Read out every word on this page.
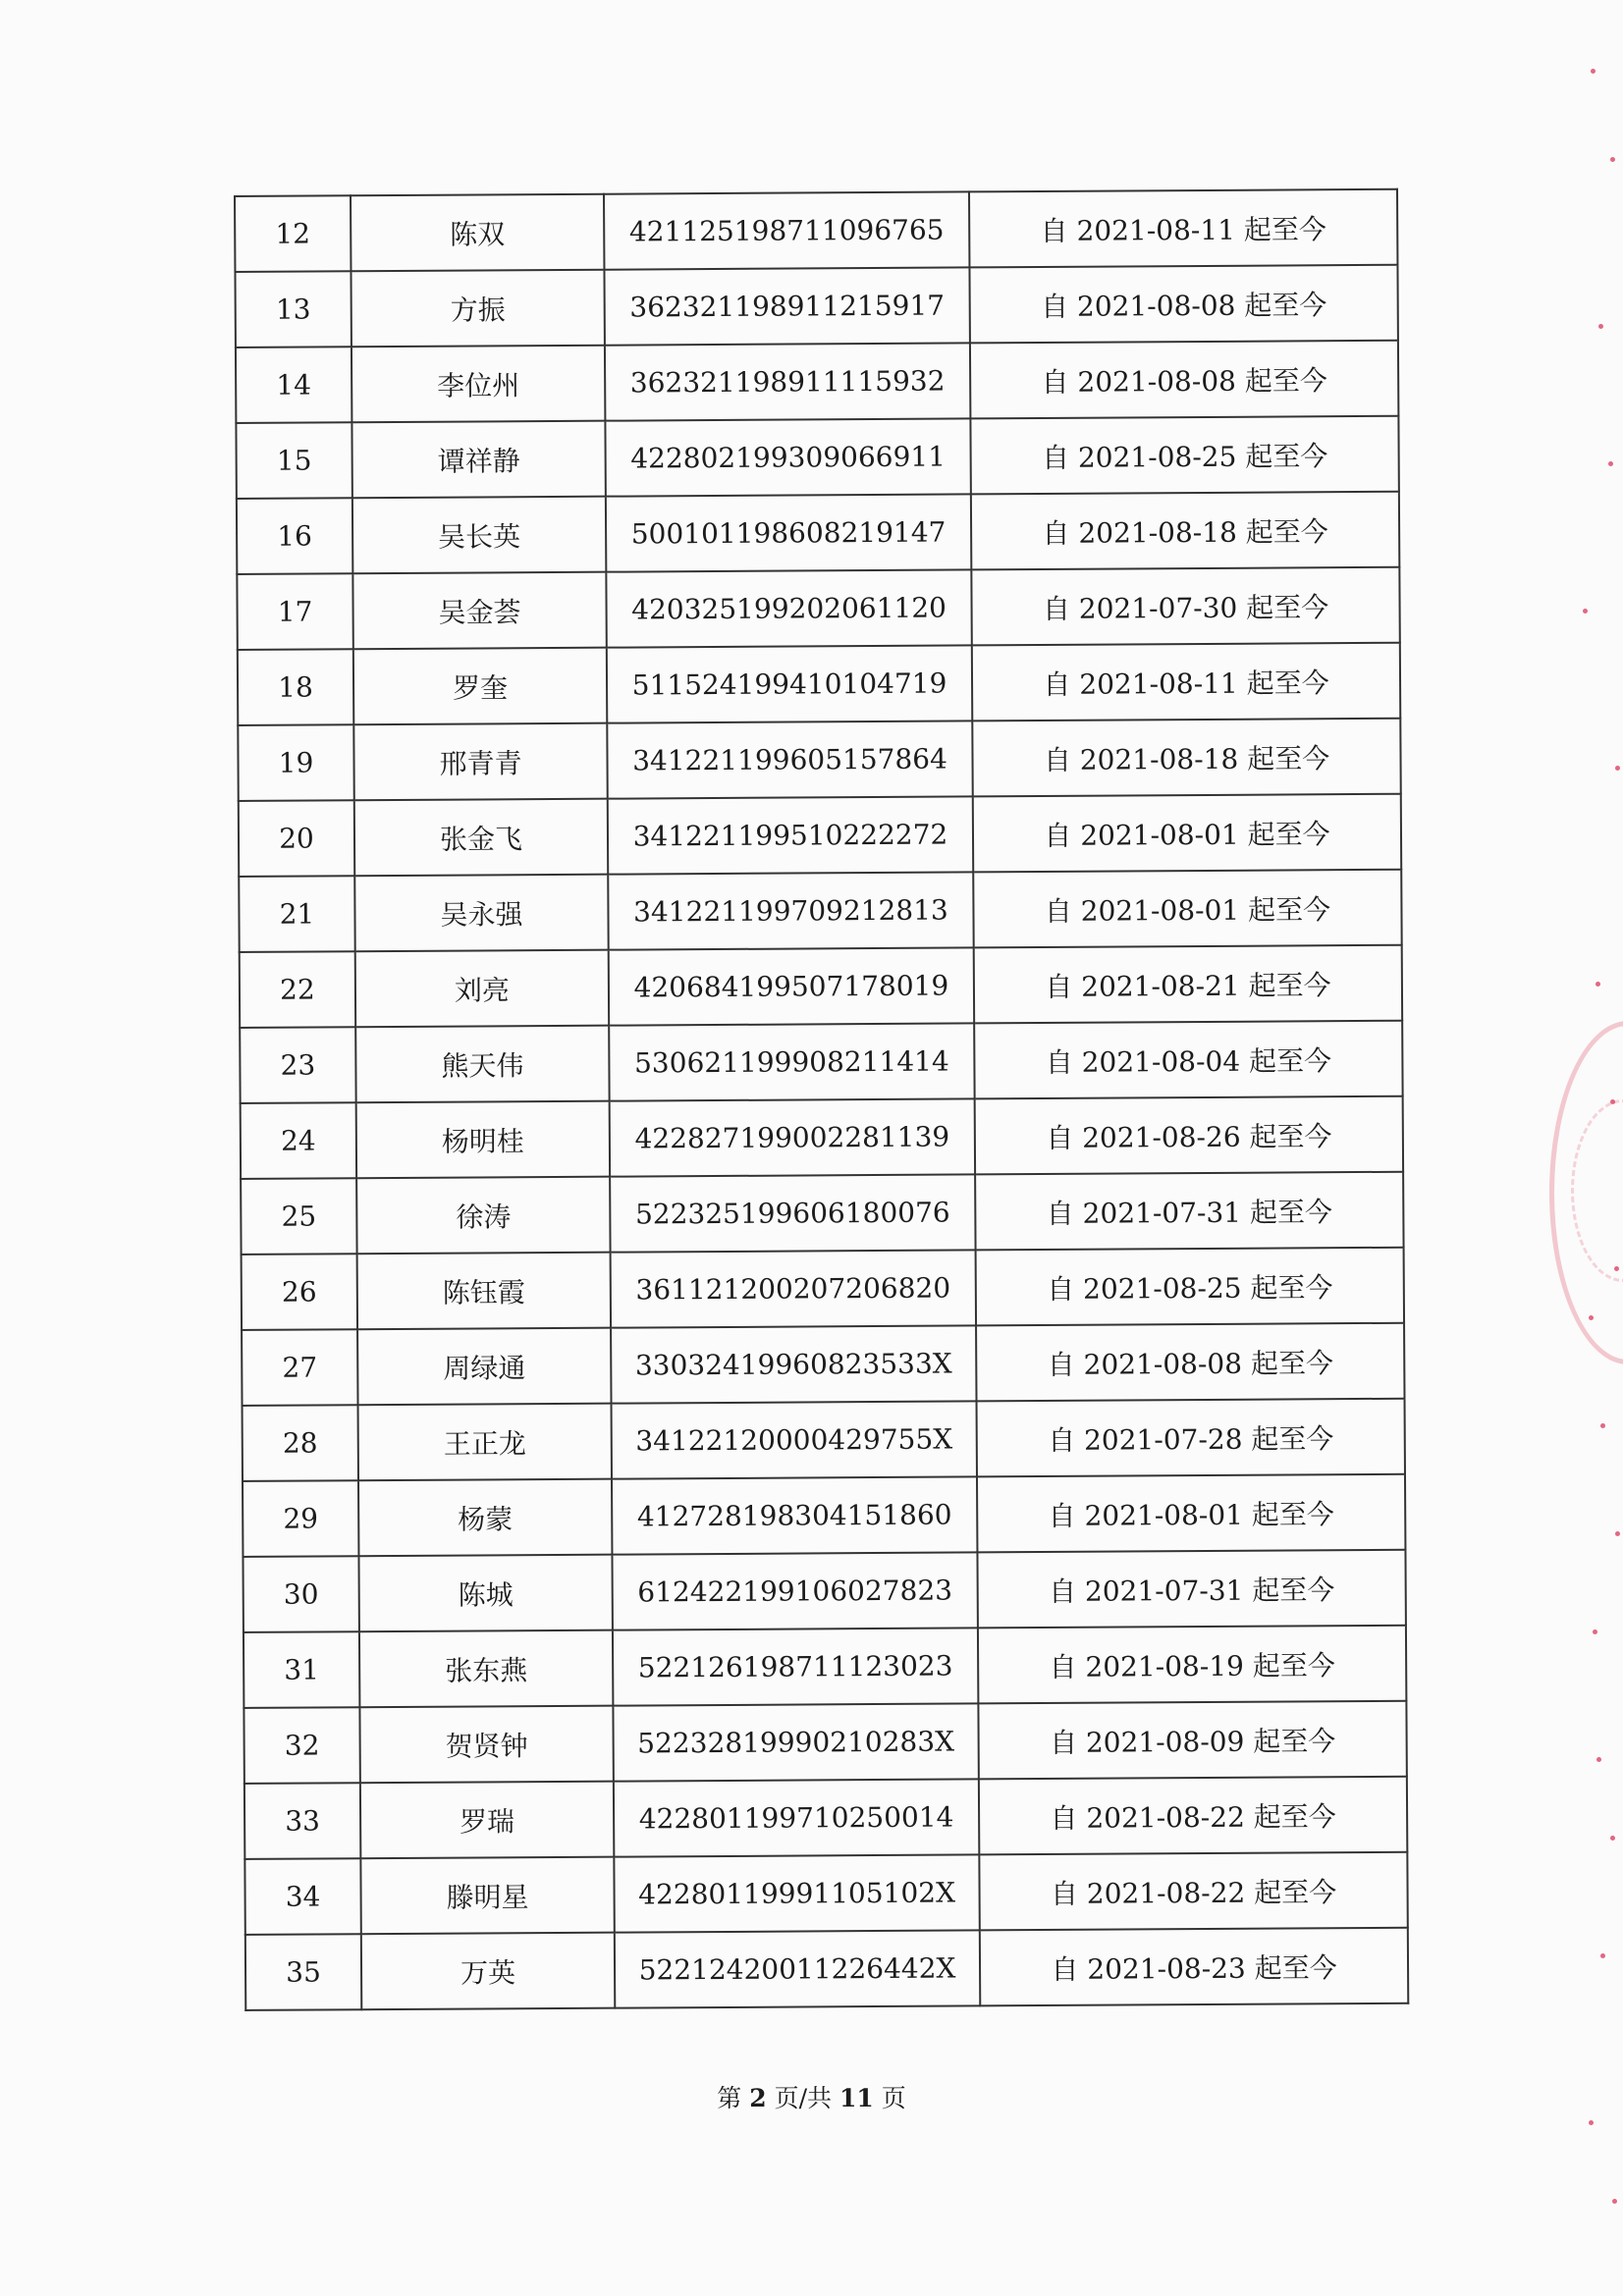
12	陈双	421125198711096765	自 2021-08-11 起至今
13	方振	362321198911215917	自 2021-08-08 起至今
14	李位州	362321198911115932	自 2021-08-08 起至今
15	谭祥静	422802199309066911	自 2021-08-25 起至今
16	吴长英	500101198608219147	自 2021-08-18 起至今
17	吴金荟	420325199202061120	自 2021-07-30 起至今
18	罗奎	511524199410104719	自 2021-08-11 起至今
19	邢青青	341221199605157864	自 2021-08-18 起至今
20	张金飞	341221199510222272	自 2021-08-01 起至今
21	吴永强	341221199709212813	自 2021-08-01 起至今
22	刘亮	420684199507178019	自 2021-08-21 起至今
23	熊天伟	530621199908211414	自 2021-08-04 起至今
24	杨明桂	422827199002281139	自 2021-08-26 起至今
25	徐涛	522325199606180076	自 2021-07-31 起至今
26	陈钰霞	361121200207206820	自 2021-08-25 起至今
27	周绿通	33032419960823533X	自 2021-08-08 起至今
28	王正龙	34122120000429755X	自 2021-07-28 起至今
29	杨蒙	412728198304151860	自 2021-08-01 起至今
30	陈城	612422199106027823	自 2021-07-31 起至今
31	张东燕	522126198711123023	自 2021-08-19 起至今
32	贺贤钟	52232819990210283X	自 2021-08-09 起至今
33	罗瑞	422801199710250014	自 2021-08-22 起至今
34	滕明星	42280119991105102X	自 2021-08-22 起至今
35	万英	52212420011226442X	自 2021-08-23 起至今
第 2 页/共 11 页
